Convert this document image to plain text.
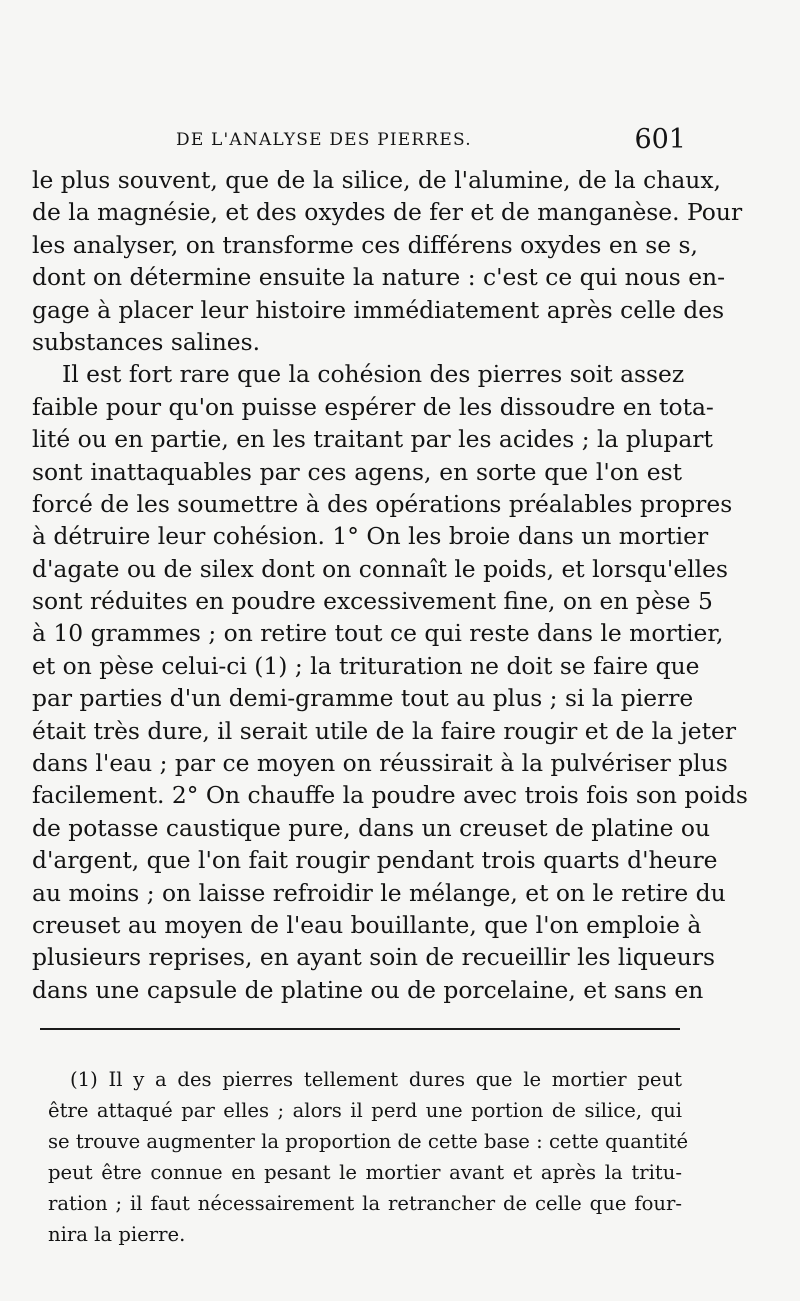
DE L'ANALYSE DES PIERRES.	601
le plus souvent, que de la silice, de l'alumine, de la chaux,
de la magnésie, et des oxydes de fer et de manganèse. Pour
les analyser, on transforme ces différens oxydes en se s,
dont on détermine ensuite la nature : c'est ce qui nous en-
gage à placer leur histoire immédiatement après celle des
substances salines.
Il est fort rare que la cohésion des pierres soit assez
faible pour qu'on puisse espérer de les dissoudre en tota-
lité ou en partie, en les traitant par les acides ; la plupart
sont inattaquables par ces agens, en sorte que l'on est
forcé de les soumettre à des opérations préalables propres
à détruire leur cohésion. 1° On les broie dans un mortier
d'agate ou de silex dont on connaît le poids, et lorsqu'elles
sont réduites en poudre excessivement fine, on en pèse 5
à 10 grammes ; on retire tout ce qui reste dans le mortier,
et on pèse celui-ci (1) ; la trituration ne doit se faire que
par parties d'un demi-gramme tout au plus ; si la pierre
était très dure, il serait utile de la faire rougir et de la jeter
dans l'eau ; par ce moyen on réussirait à la pulvériser plus
facilement. 2° On chauffe la poudre avec trois fois son poids
de potasse caustique pure, dans un creuset de platine ou
d'argent, que l'on fait rougir pendant trois quarts d'heure
au moins ; on laisse refroidir le mélange, et on le retire du
creuset au moyen de l'eau bouillante, que l'on emploie à
plusieurs reprises, en ayant soin de recueillir les liqueurs
dans une capsule de platine ou de porcelaine, et sans en
(1) Il y a des pierres tellement dures que le mortier peut
être attaqué par elles ; alors il perd une portion de silice, qui
se trouve augmenter la proportion de cette base : cette quantité
peut être connue en pesant le mortier avant et après la tritu-
ration ; il faut nécessairement la retrancher de celle que four-
nira la pierre.
